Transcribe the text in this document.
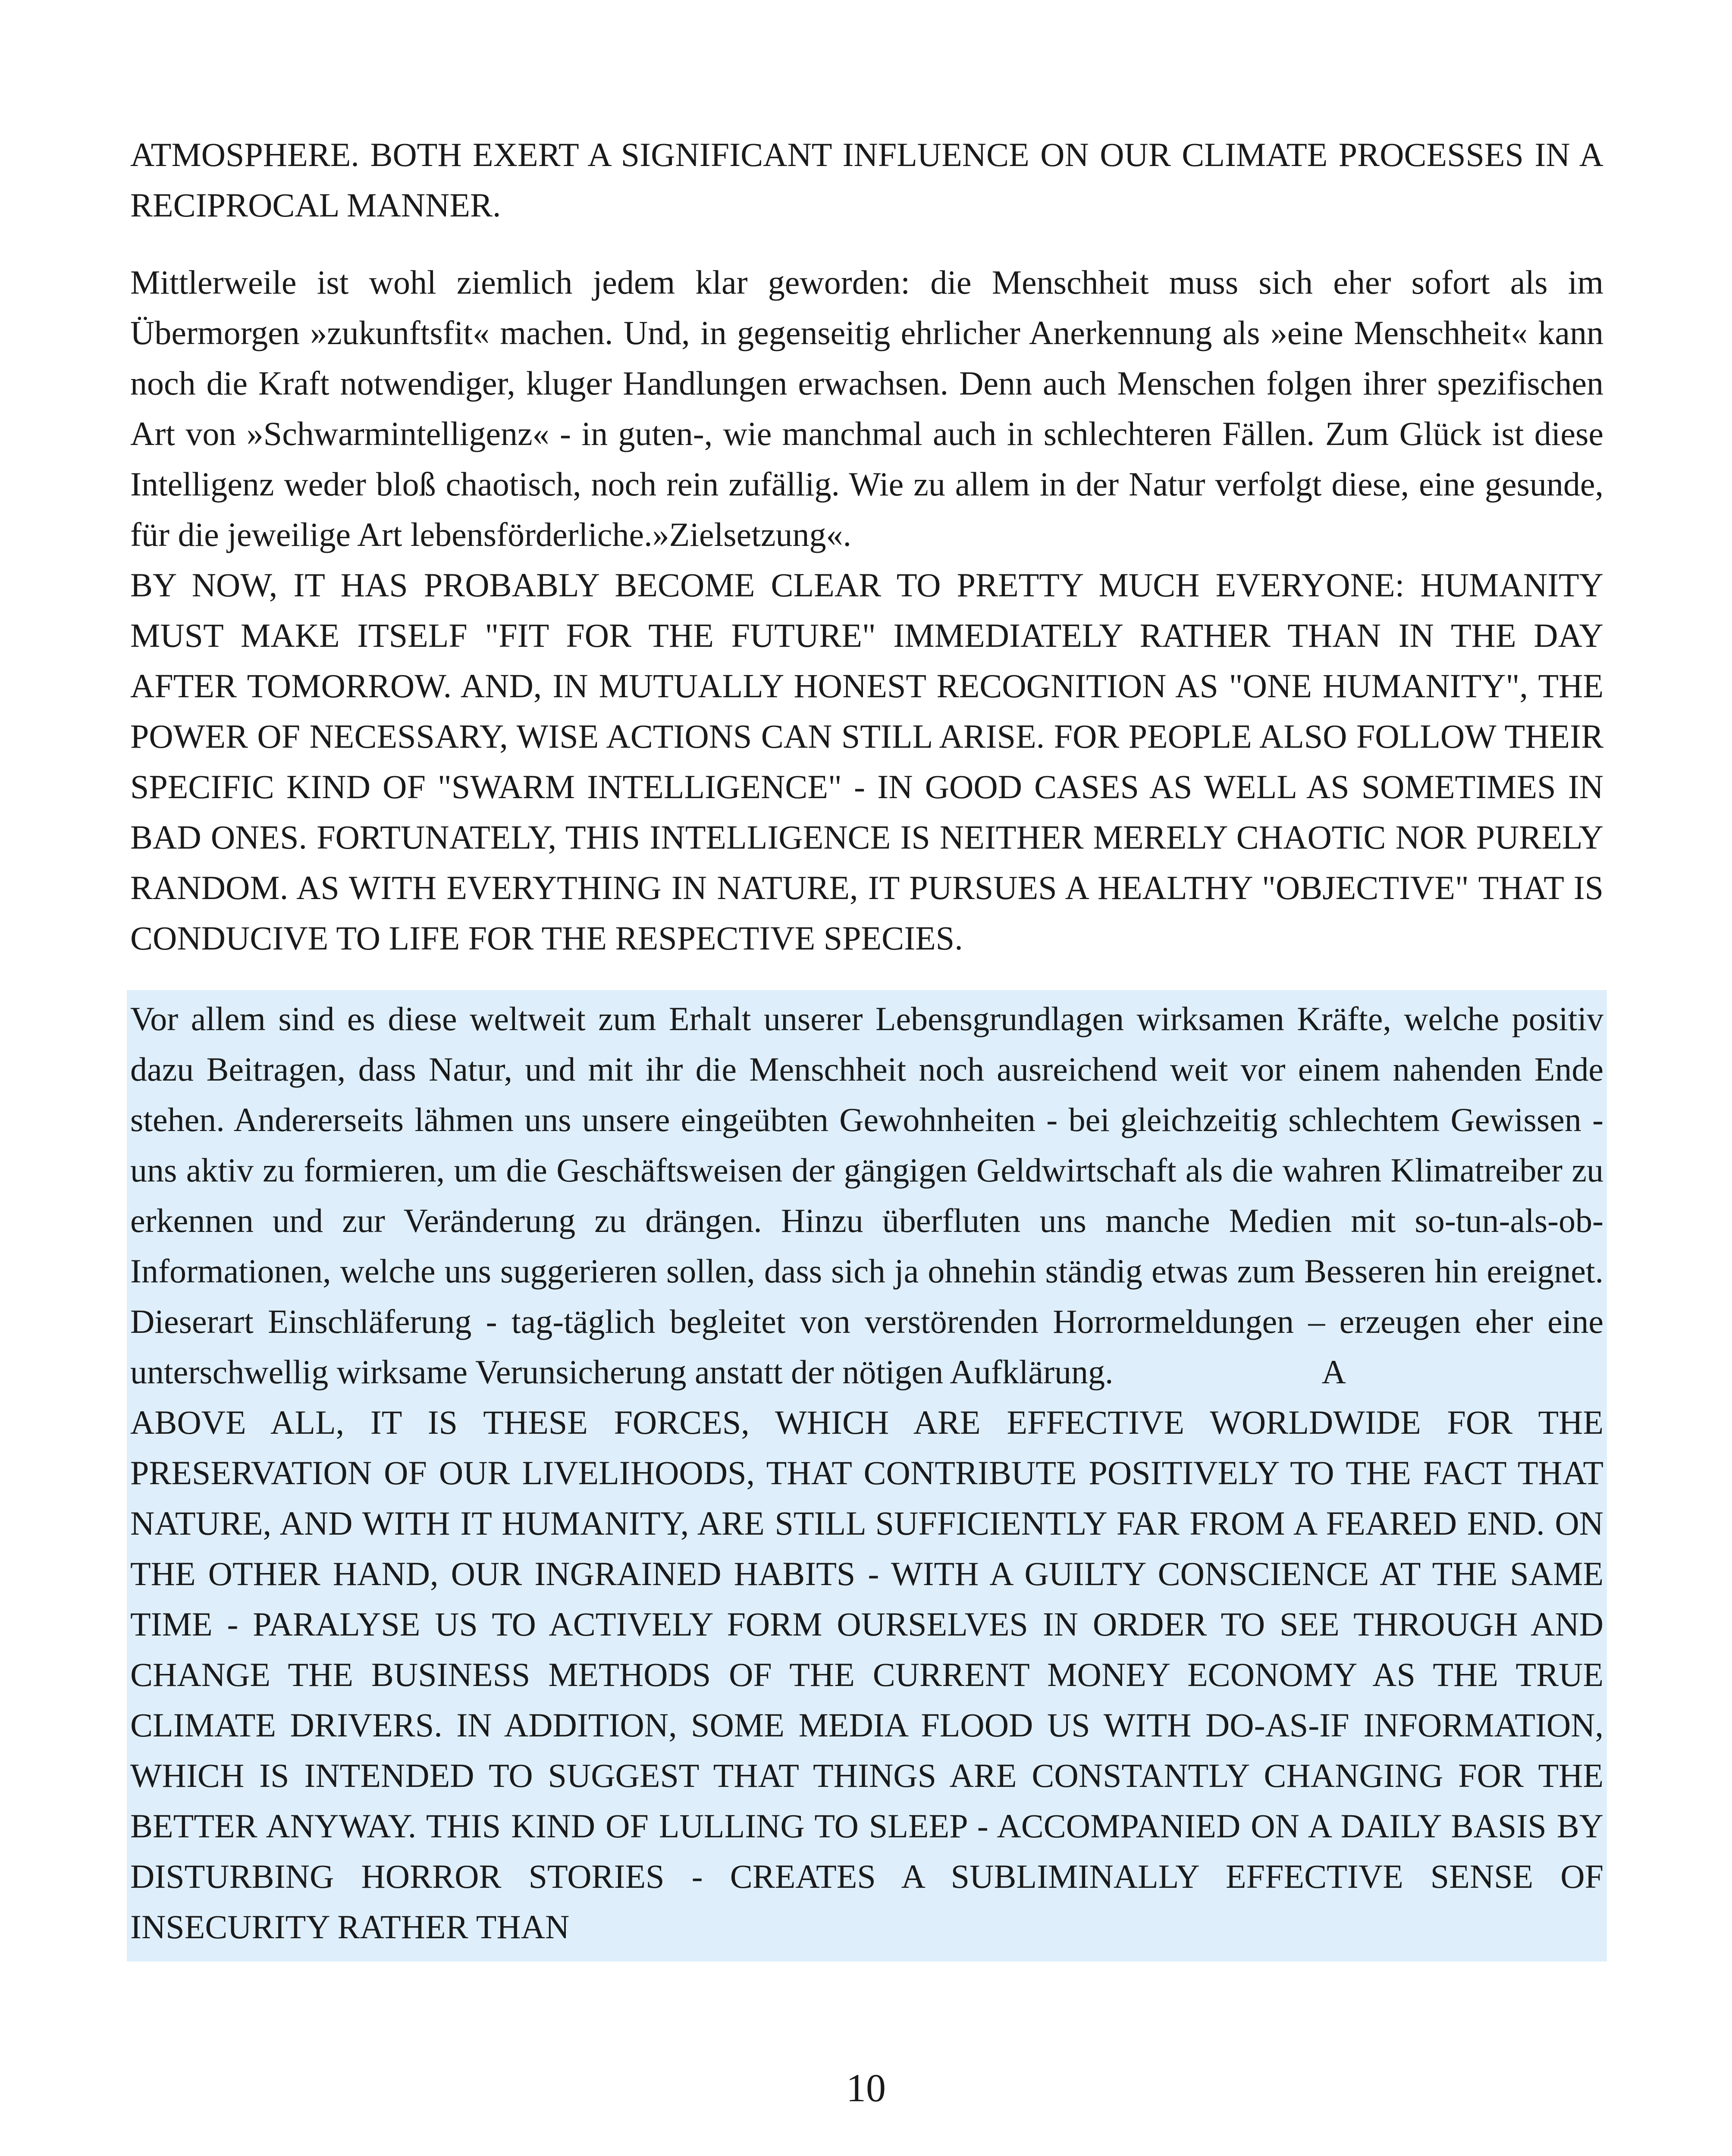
ATMOSPHERE. BOTH EXERT A SIGNIFICANT INFLUENCE ON OUR CLIMATE PROCESSES IN A RECIPROCAL MANNER.

Mittlerweile ist wohl ziemlich jedem klar geworden: die Menschheit muss sich eher sofort als im Übermorgen »zukunftsfit« machen. Und, in gegenseitig ehrlicher Anerkennung als »eine Menschheit« kann noch die Kraft notwendiger, kluger Handlungen erwachsen. Denn auch Menschen folgen ihrer spezifischen Art von »Schwarmintelligenz« - in guten-, wie manchmal auch in schlechteren Fällen. Zum Glück ist diese Intelligenz weder bloß chaotisch, noch rein zufällig. Wie zu allem in der Natur verfolgt diese, eine gesunde, für die jeweilige Art lebensförderliche.»Zielsetzung«.

BY NOW, IT HAS PROBABLY BECOME CLEAR TO PRETTY MUCH EVERYONE: HUMANITY MUST MAKE ITSELF "FIT FOR THE FUTURE" IMMEDIATELY RATHER THAN IN THE DAY AFTER TOMORROW. AND, IN MUTUALLY HONEST RECOGNITION AS "ONE HUMANITY", THE POWER OF NECESSARY, WISE ACTIONS CAN STILL ARISE. FOR PEOPLE ALSO FOLLOW THEIR SPECIFIC KIND OF "SWARM INTELLIGENCE" - IN GOOD CASES AS WELL AS SOMETIMES IN BAD ONES. FORTUNATELY, THIS INTELLIGENCE IS NEITHER MERELY CHAOTIC NOR PURELY RANDOM. AS WITH EVERYTHING IN NATURE, IT PURSUES A HEALTHY "OBJECTIVE" THAT IS CONDUCIVE TO LIFE FOR THE RESPECTIVE SPECIES.

Vor allem sind es diese weltweit zum Erhalt unserer Lebensgrundlagen wirksamen Kräfte, welche positiv dazu Beitragen, dass Natur, und mit ihr die Menschheit noch ausreichend weit vor einem nahenden Ende stehen. Andererseits lähmen uns unsere eingeübten Gewohnheiten - bei gleichzeitig schlechtem Gewissen - uns aktiv zu formieren, um die Geschäftsweisen der gängigen Geldwirtschaft als die wahren Klimatreiber zu erkennen und zur Veränderung zu drängen. Hinzu überfluten uns manche Medien mit so-tun-als-ob-Informationen, welche uns suggerieren sollen, dass sich ja ohnehin ständig etwas zum Besseren hin ereignet. Dieserart Einschläferung - tag-täglich begleitet von verstörenden Horrormeldungen – erzeugen eher eine unterschwellig wirksame Verunsicherung anstatt der nötigen Aufklärung.                         A

ABOVE ALL, IT IS THESE FORCES, WHICH ARE EFFECTIVE WORLDWIDE FOR THE PRESERVATION OF OUR LIVELIHOODS, THAT CONTRIBUTE POSITIVELY TO THE FACT THAT NATURE, AND WITH IT HUMANITY, ARE STILL SUFFICIENTLY FAR FROM A FEARED END. ON THE OTHER HAND, OUR INGRAINED HABITS - WITH A GUILTY CONSCIENCE AT THE SAME TIME - PARALYSE US TO ACTIVELY FORM OURSELVES IN ORDER TO SEE THROUGH AND CHANGE THE BUSINESS METHODS OF THE CURRENT MONEY ECONOMY AS THE TRUE CLIMATE DRIVERS. IN ADDITION, SOME MEDIA FLOOD US WITH DO-AS-IF INFORMATION, WHICH IS INTENDED TO SUGGEST THAT THINGS ARE CONSTANTLY CHANGING FOR THE BETTER ANYWAY. THIS KIND OF LULLING TO SLEEP - ACCOMPANIED ON A DAILY BASIS BY DISTURBING HORROR STORIES - CREATES A SUBLIMINALLY EFFECTIVE SENSE OF INSECURITY RATHER THAN

10
